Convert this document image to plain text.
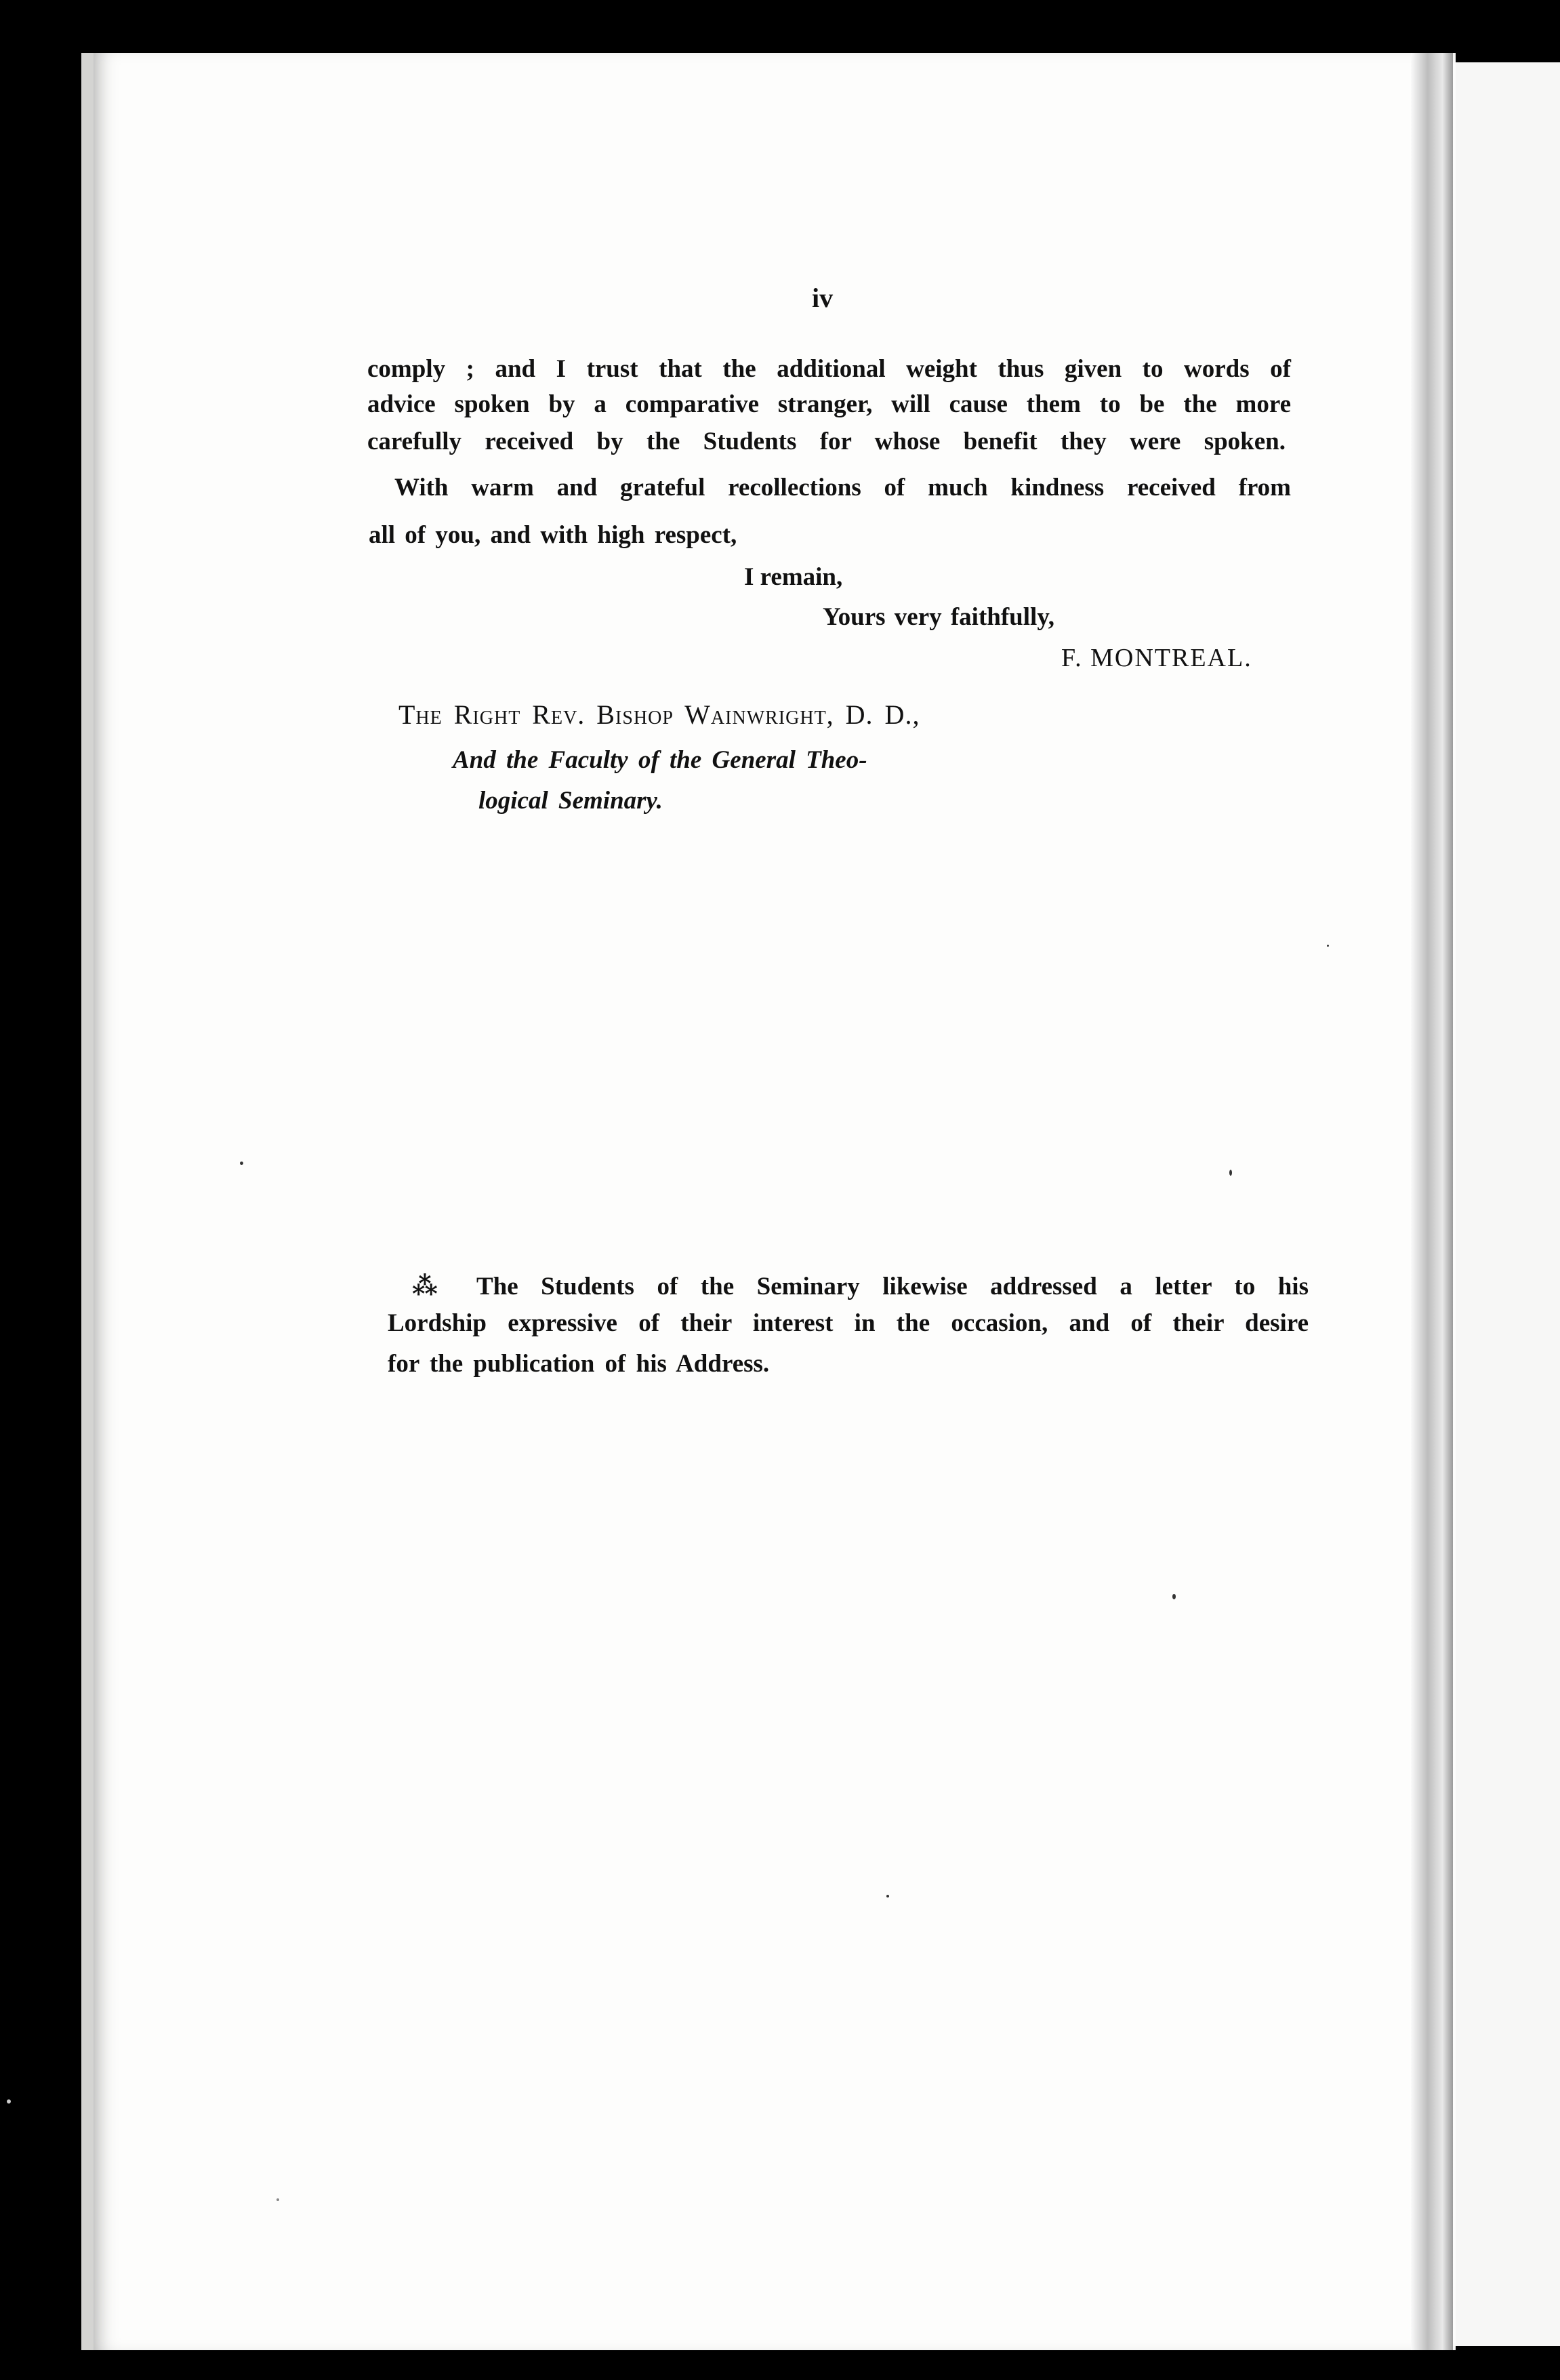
iv
comply ; and I trust that the additional weight thus given to words of
advice spoken by a comparative stranger, will cause them to be the more
carefully received by the Students for whose benefit they were spoken.
With warm and grateful recollections of much kindness received from
all of you, and with high respect,
I remain,
Yours very faithfully,
F. MONTREAL.
The Right Rev. Bishop Wainwright, D. D.,
And the Faculty of the General Theo-
logical Seminary.
⁂ The Students of the Seminary likewise addressed a letter to his
Lordship expressive of their interest in the occasion, and of their desire
for the publication of his Address.
